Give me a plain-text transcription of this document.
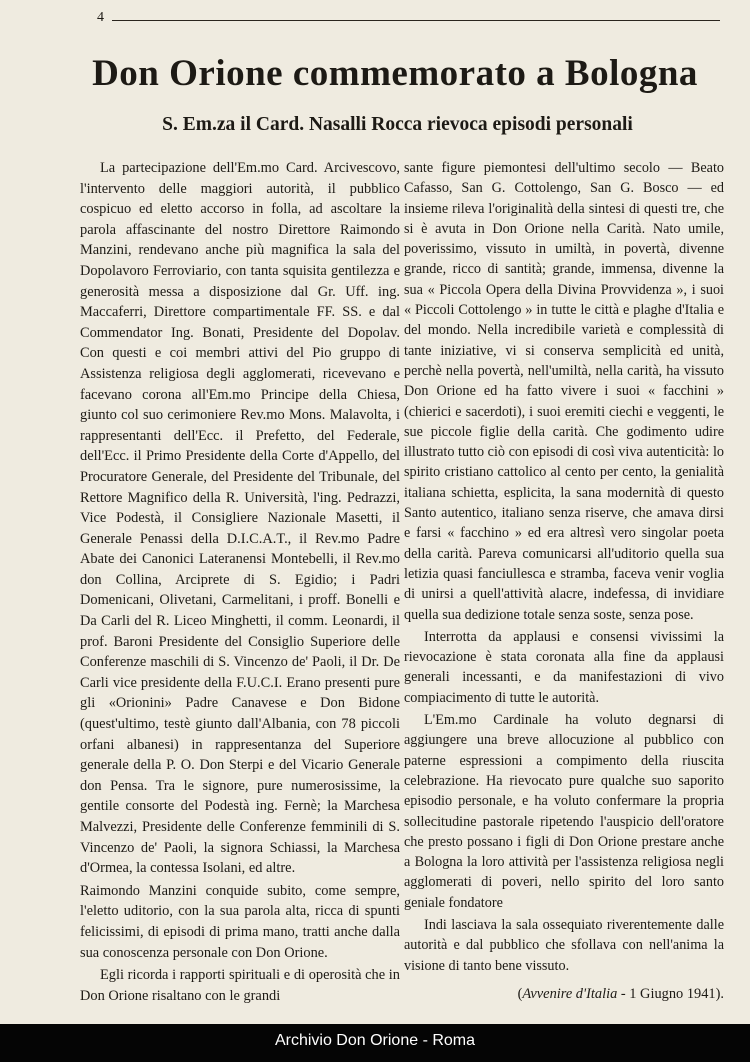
4
Don Orione commemorato a Bologna
S. Em.za il Card. Nasalli Rocca rievoca episodi personali

La partecipazione dell'Em.mo Card. Arcivescovo, l'intervento delle maggiori autorità, il pubblico cospicuo ed eletto accorso in folla, ad ascoltare la parola affascinante del nostro Direttore Raimondo Manzini, rendevano anche più magnifica la sala del Dopolavoro Ferroviario, con tanta squisita gentilezza e generosità messa a disposizione dal Gr. Uff. ing. Maccaferri, Direttore compartimentale FF. SS. e dal Commendator Ing. Bonati, Presidente del Dopolav. Con questi e coi membri attivi del Pio gruppo di Assistenza religiosa degli agglomerati, ricevevano e facevano corona all'Em.mo Principe della Chiesa, giunto col suo cerimoniere Rev.mo Mons. Malavolta, i rappresentanti dell'Ecc. il Prefetto, del Federale, dell'Ecc. il Primo Presidente della Corte d'Appello, del Procuratore Generale, del Presidente del Tribunale, del Rettore Magnifico della R. Università, l'ing. Pedrazzi, Vice Podestà, il Consigliere Nazionale Masetti, il Generale Penassi della D.I.C.A.T., il Rev.mo Padre Abate dei Canonici Lateranensi Montebelli, il Rev.mo don Collina, Arciprete di S. Egidio; i Padri Domenicani, Olivetani, Carmelitani, i proff. Bonelli e Da Carli del R. Liceo Minghetti, il comm. Leonardi, il prof. Baroni Presidente del Consiglio Superiore delle Conferenze maschili di S. Vincenzo de' Paoli, il Dr. De Carli vice presidente della F.U.C.I. Erano presenti pure gli «Orionini» Padre Canavese e Don Bidone (quest'ultimo, testè giunto dall'Albania, con 78 piccoli orfani albanesi) in rappresentanza del Superiore generale della P. O. Don Sterpi e del Vicario Generale don Pensa. Tra le signore, pure numerosissime, la gentile consorte del Podestà ing. Fernè; la Marchesa Malvezzi, Presidente delle Conferenze femminili di S. Vincenzo de' Paoli, la signora Schiassi, la Marchesa d'Ormea, la contessa Isolani, ed altre.

Raimondo Manzini conquide subito, come sempre, l'eletto uditorio, con la sua parola alta, ricca di spunti felicissimi, di episodi di prima mano, tratti anche dalla sua conoscenza personale con Don Orione.

Egli ricorda i rapporti spirituali e di operosità che in Don Orione risaltano con le grandi

sante figure piemontesi dell'ultimo secolo — Beato Cafasso, San G. Cottolengo, San G. Bosco — ed insieme rileva l'originalità della sintesi di questi tre, che si è avuta in Don Orione nella Carità. Nato umile, poverissimo, vissuto in umiltà, in povertà, divenne grande, ricco di santità; grande, immensa, divenne la sua « Piccola Opera della Divina Provvidenza », i suoi « Piccoli Cottolengo » in tutte le città e plaghe d'Italia e del mondo. Nella incredibile varietà e complessità di tante iniziative, vi si conserva semplicità ed unità, perchè nella povertà, nell'umiltà, nella carità, ha vissuto Don Orione ed ha fatto vivere i suoi « facchini » (chierici e sacerdoti), i suoi eremiti ciechi e veggenti, le sue piccole figlie della carità. Che godimento udire illustrato tutto ciò con episodi di così viva autenticità: lo spirito cristiano cattolico al cento per cento, la genialità italiana schietta, esplicita, la sana modernità di questo Santo autentico, italiano senza riserve, che amava dirsi e farsi « facchino » ed era altresì vero singolar poeta della carità. Pareva comunicarsi all'uditorio quella sua letizia quasi fanciullesca e stramba, faceva venir voglia di unirsi a quell'attività alacre, indefessa, di invidiare quella sua dedizione totale senza soste, senza pose.

Interrotta da applausi e consensi vivissimi la rievocazione è stata coronata alla fine da applausi generali incessanti, e da manifestazioni di vivo compiacimento di tutte le autorità.

L'Em.mo Cardinale ha voluto degnarsi di aggiungere una breve allocuzione al pubblico con paterne espressioni a compimento della riuscita celebrazione. Ha rievocato pure qualche suo saporito episodio personale, e ha voluto confermare la propria sollecitudine pastorale ripetendo l'auspicio dell'oratore che presto possano i figli di Don Orione prestare anche a Bologna la loro attività per l'assistenza religiosa negli agglomerati di poveri, nello spirito del loro santo geniale fondatore

Indi lasciava la sala ossequiato riverentemente dalle autorità e dal pubblico che sfollava con nell'anima la visione di tanto bene vissuto.

(Avvenire d'Italia - 1 Giugno 1941).

Archivio Don Orione - Roma
